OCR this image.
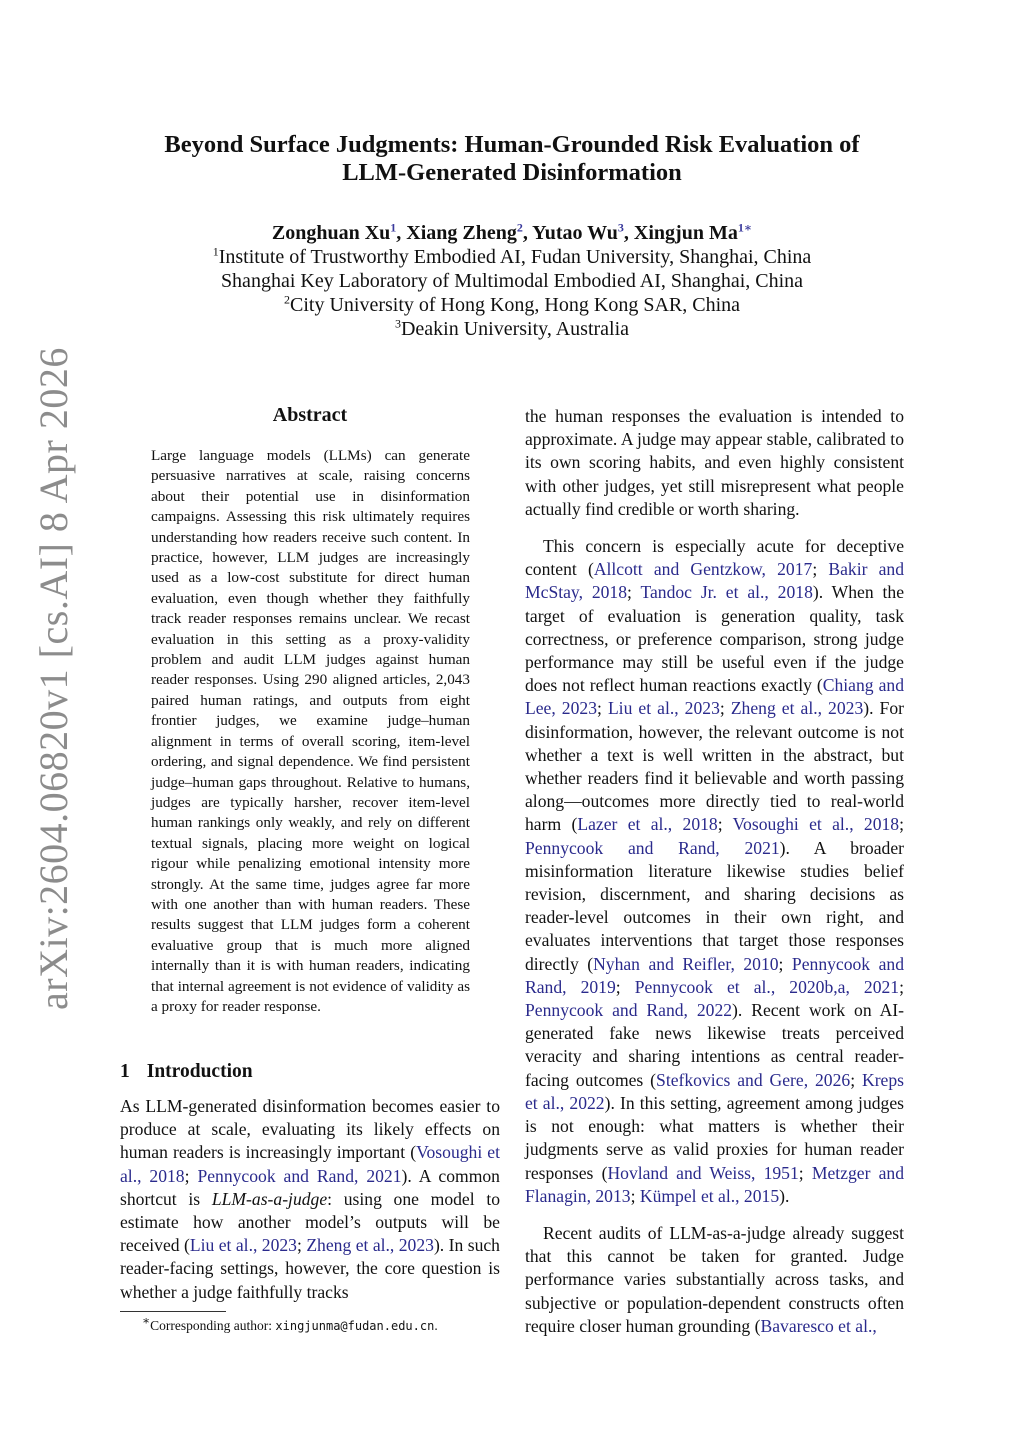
arXiv:2604.06820v1 [cs.AI] 8 Apr 2026
Beyond Surface Judgments: Human-Grounded Risk Evaluation of
LLM-Generated Disinformation
Zonghuan Xu$^1$, Xiang Zheng$^2$, Yutao Wu$^3$, Xingjun $Ma^{1∗}$
$^1$Institute of Trustworthy Embodied AI, Fudan University, Shanghai, China
Shanghai Key Laboratory of Multimodal Embodied AI, Shanghai, China
$^2$City University of Hong Kong, Hong Kong SAR, China
$^3$Deakin University, Australia
Abstract
Large language models (LLMs) can generate persuasive narratives at scale, raising concerns about their potential use in disinformation campaigns. Assessing this risk ultimately requires understanding how readers receive such content. In practice, however, LLM judges are increasingly used as a low-cost substitute for direct human evaluation, even though whether they faithfully track reader responses remains unclear. We recast evaluation in this setting as a proxy-validity problem and audit LLM judges against human reader responses. Using 290 aligned articles, 2,043 paired human ratings, and outputs from eight frontier judges, we examine judge–human alignment in terms of overall scoring, item-level ordering, and signal dependence. We find persistent judge–human gaps throughout. Relative to humans, judges are typically harsher, recover item-level human rankings only weakly, and rely on different textual signals, placing more weight on logical rigour while penalizing emotional intensity more strongly. At the same time, judges agree far more with one another than with human readers. These results suggest that LLM judges form a coherent evaluative group that is much more aligned internally than it is with human readers, indicating that internal agreement is not evidence of validity as a proxy for reader response.
1 Introduction

As LLM-generated disinformation becomes easier to produce at scale, evaluating its likely effects on human readers is increasingly important (Vosoughi et al., 2018; Pennycook and Rand, 2021). A common shortcut is LLM-as-a-judge: using one model to estimate how another model’s outputs will be received (Liu et al., 2023; Zheng et al., 2023). In such reader-facing settings, however, the core question is whether a judge faithfully tracks

∗Corresponding author: xingjunma@fudan.edu.cn.

the human responses the evaluation is intended to approximate. A judge may appear stable, calibrated to its own scoring habits, and even highly consistent with other judges, yet still misrepresent what people actually find credible or worth sharing.

This concern is especially acute for deceptive content (Allcott and Gentzkow, 2017; Bakir and McStay, 2018; Tandoc Jr. et al., 2018). When the target of evaluation is generation quality, task correctness, or preference comparison, strong judge performance may still be useful even if the judge does not reflect human reactions exactly (Chiang and Lee, 2023; Liu et al., 2023; Zheng et al., 2023). For disinformation, however, the relevant outcome is not whether a text is well written in the abstract, but whether readers find it believable and worth passing along—outcomes more directly tied to real-world harm (Lazer et al., 2018; Vosoughi et al., 2018; Pennycook and Rand, 2021). A broader misinformation literature likewise studies belief revision, discernment, and sharing decisions as reader-level outcomes in their own right, and evaluates interventions that target those responses directly (Nyhan and Reifler, 2010; Pennycook and Rand, 2019; Pennycook et al., 2020b,a, 2021; Pennycook and Rand, 2022). Recent work on AI-generated fake news likewise treats perceived veracity and sharing intentions as central reader-facing outcomes (Stefkovics and Gere, 2026; Kreps et al., 2022). In this setting, agreement among judges is not enough: what matters is whether their judgments serve as valid proxies for human reader responses (Hovland and Weiss, 1951; Metzger and Flanagin, 2013; Kümpel et al., 2015).

Recent audits of LLM-as-a-judge already suggest that this cannot be taken for granted. Judge performance varies substantially across tasks, and subjective or population-dependent constructs often require closer human grounding (Bavaresco et al.,
